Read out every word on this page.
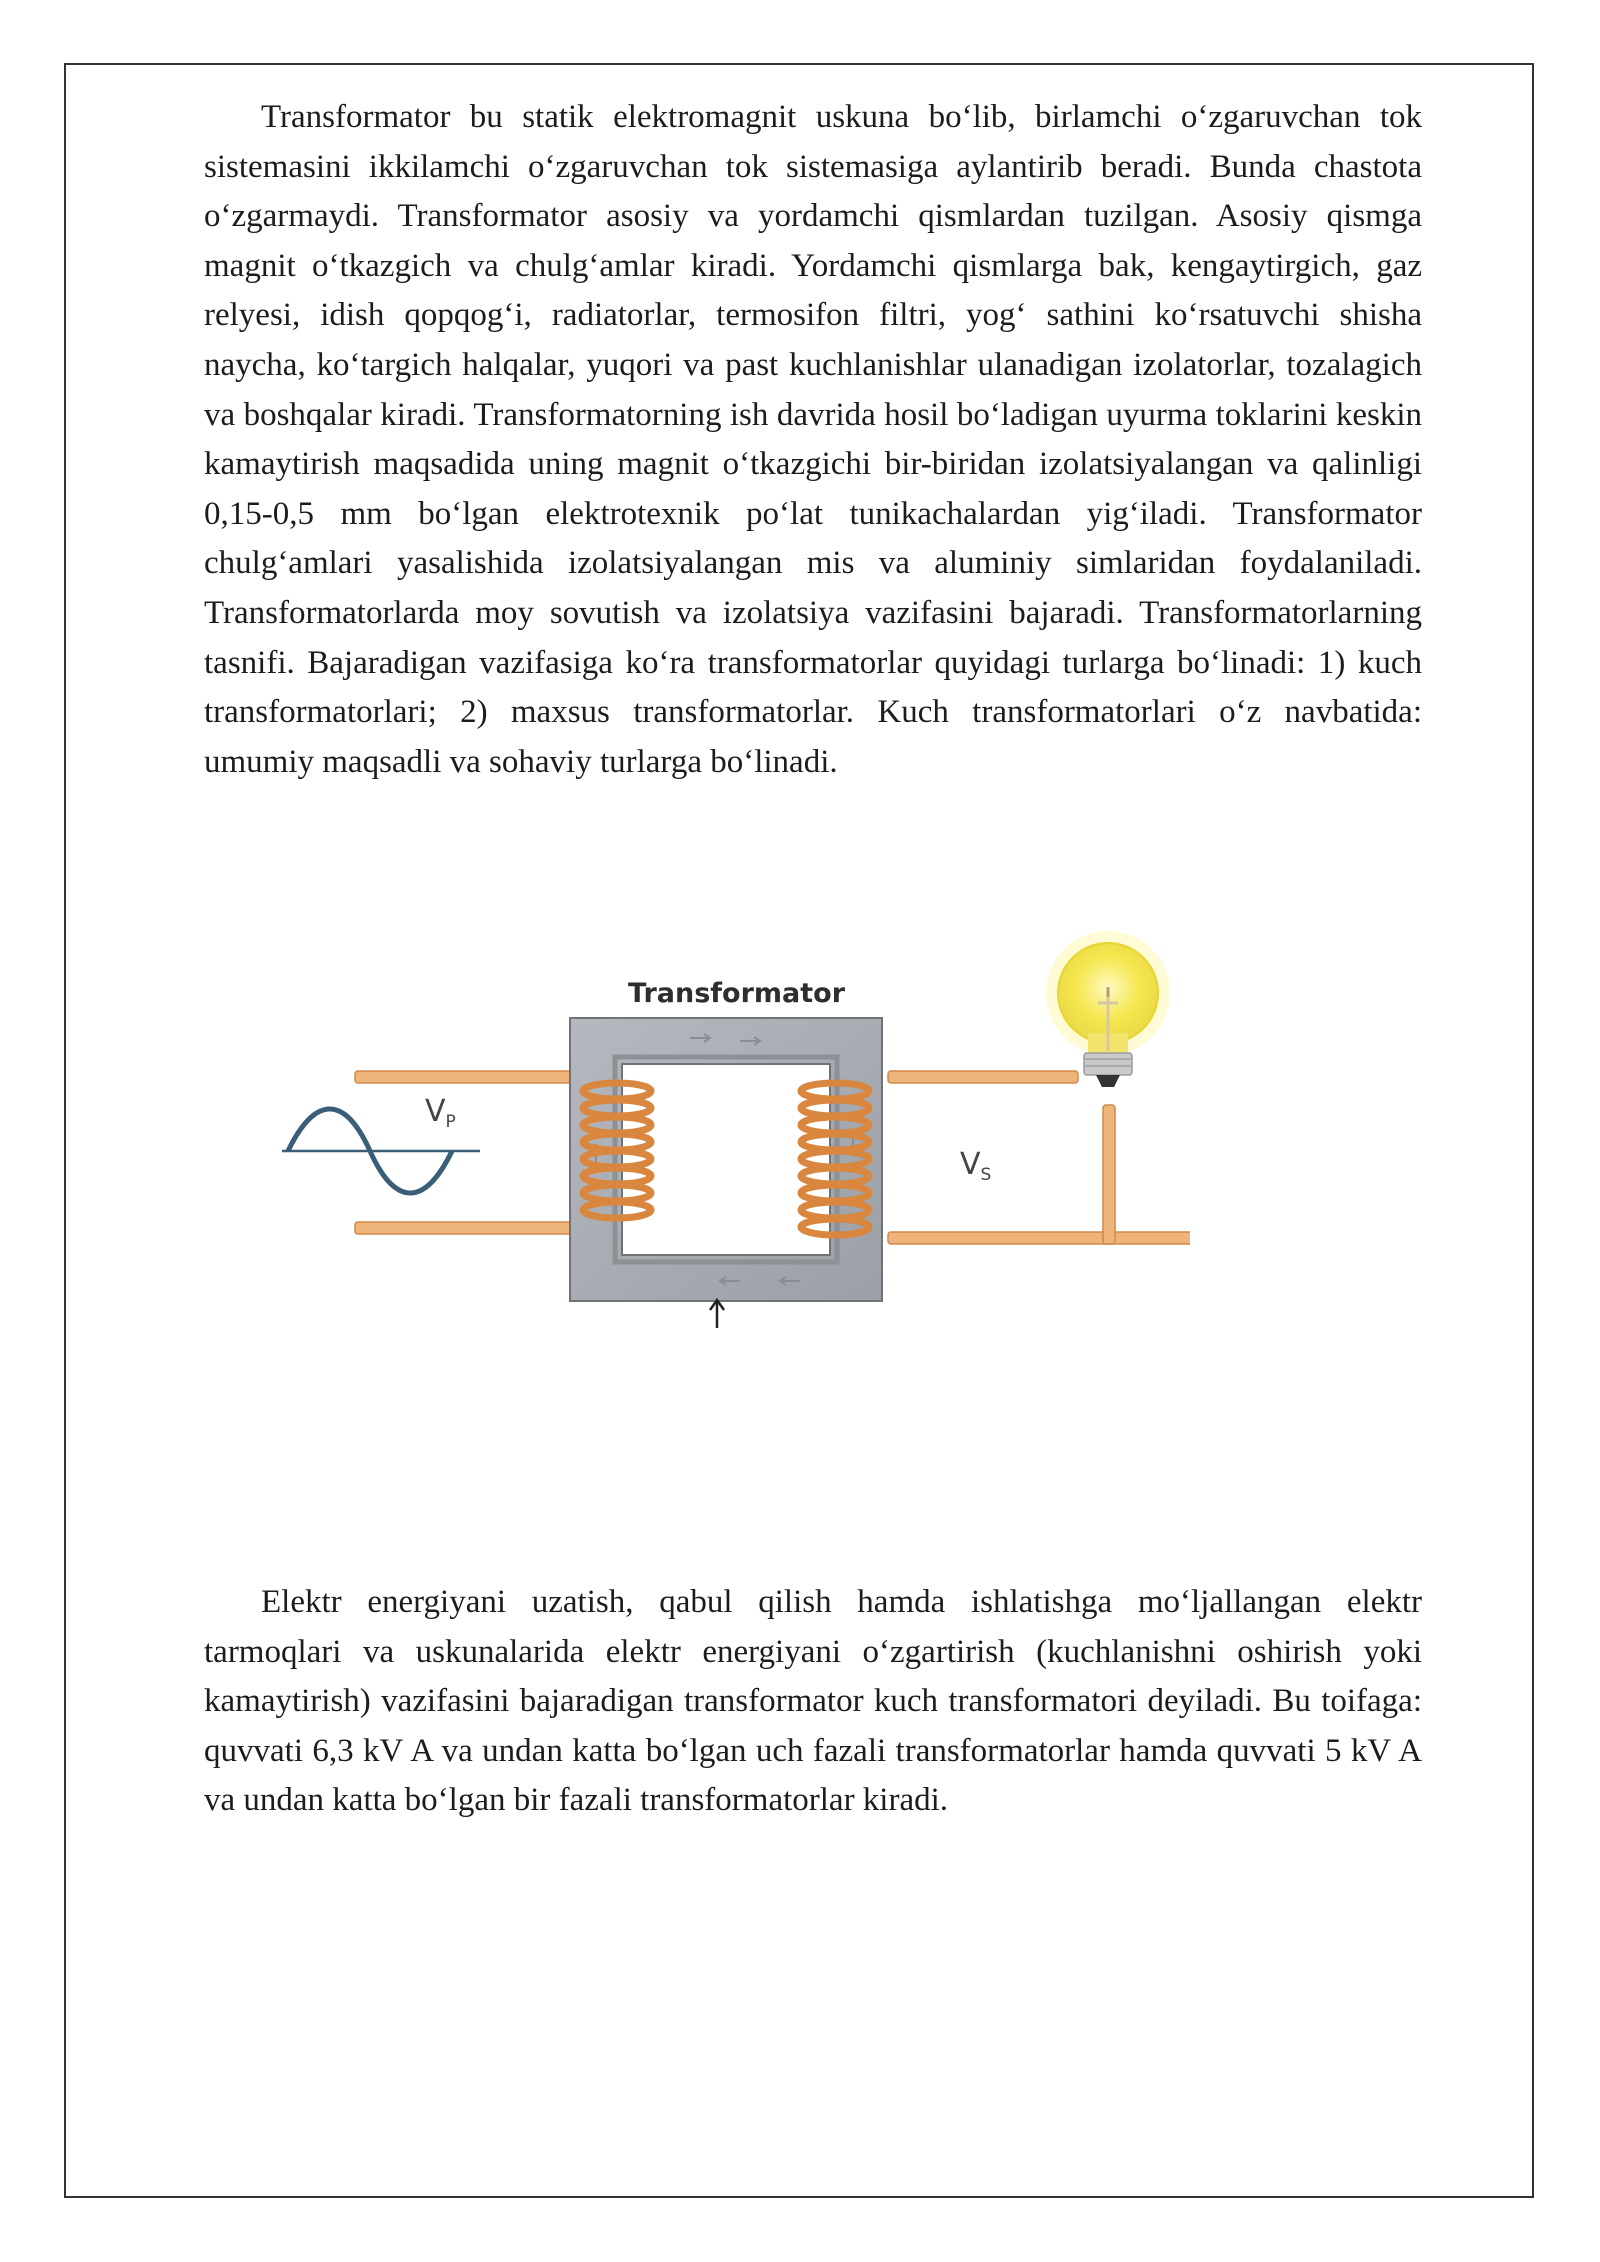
Transformator bu statik elektromagnit uskuna bo‘lib, birlamchi o‘zgaruvchan tok sistemasini ikkilamchi o‘zgaruvchan tok sistemasiga aylantirib beradi. Bunda chastota o‘zgarmaydi. Transformator asosiy va yordamchi qismlardan tuzilgan. Asosiy qismga magnit o‘tkazgich va chulg‘amlar kiradi. Yordamchi qismlarga bak, kengaytirgich, gaz relyesi, idish qopqog‘i, radiatorlar, termosifon filtri, yog‘ sathini ko‘rsatuvchi shisha naycha, ko‘targich halqalar, yuqori va past kuchlanishlar ulanadigan izolatorlar, tozalagich va boshqalar kiradi. Transformatorning ish davrida hosil bo‘ladigan uyurma toklarini keskin kamaytirish maqsadida uning magnit o‘tkazgichi bir-biridan izolatsiyalangan va qalinligi 0,15-0,5 mm bo‘lgan elektrotexnik po‘lat tunikachalardan yig‘iladi. Transformator chulg‘amlari yasalishida izolatsiyalangan mis va aluminiy simlaridan foydalaniladi. Transformatorlarda moy sovutish va izolatsiya vazifasini bajaradi. Transformatorlarning tasnifi. Bajaradigan vazifasiga ko‘ra transformatorlar quyidagi turlarga bo‘linadi: 1) kuch transformatorlari; 2) maxsus transformatorlar. Kuch transformatorlari o‘z navbatida: umumiy maqsadli va sohaviy turlarga bo‘linadi.

$V_P$
$V_S$
Transformator

Elektr energiyani uzatish, qabul qilish hamda ishlatishga mo‘ljallangan elektr tarmoqlari va uskunalarida elektr energiyani o‘zgartirish (kuchlanishni oshirish yoki kamaytirish) vazifasini bajaradigan transformator kuch transformatori deyiladi. Bu toifaga: quvvati 6,3 kV A va undan katta bo‘lgan uch fazali transformatorlar hamda quvvati 5 kV A va undan katta bo‘lgan bir fazali transformatorlar kiradi.
